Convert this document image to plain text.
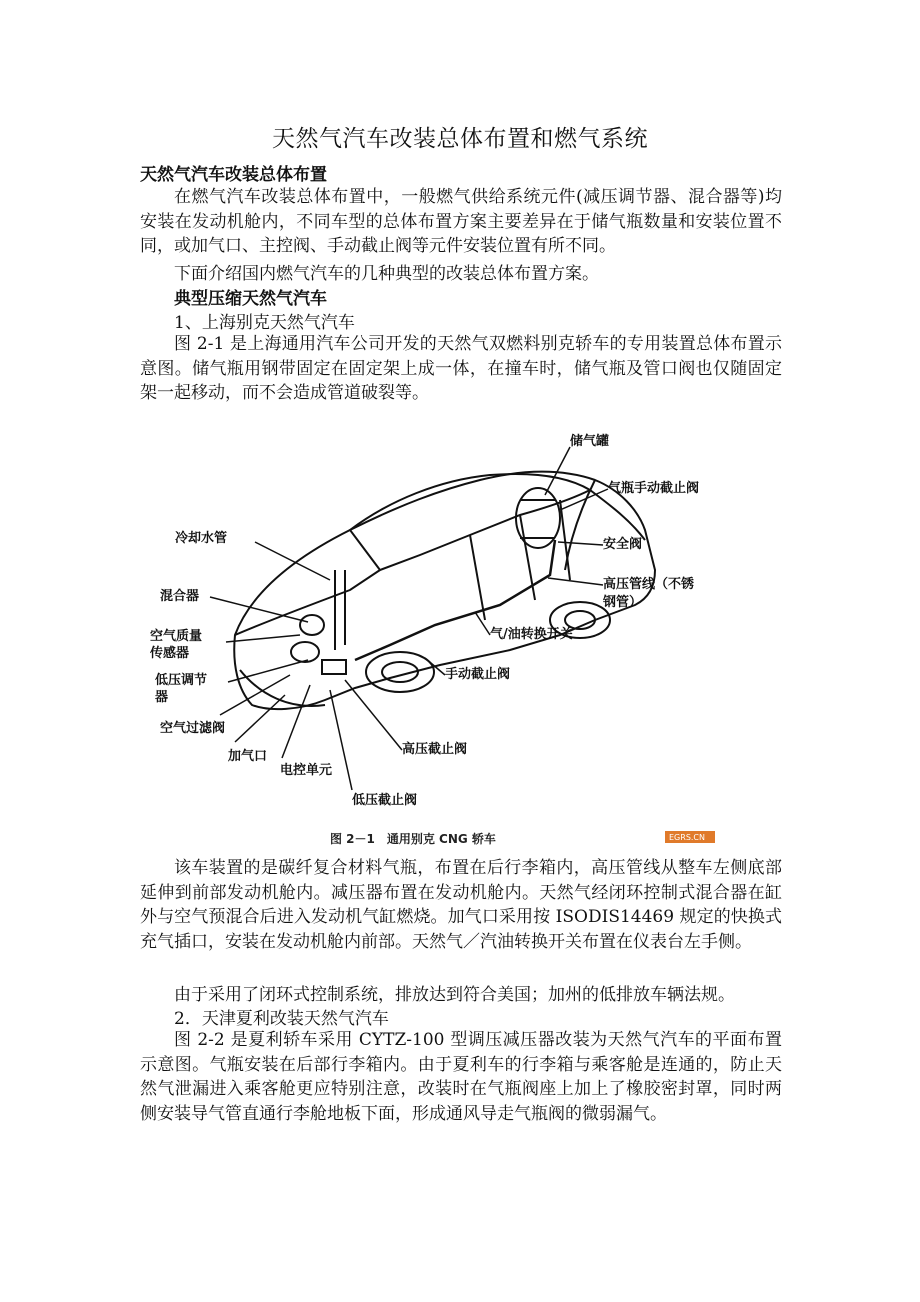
天然气汽车改装总体布置和燃气系统
天然气汽车改装总体布置

在燃气汽车改装总体布置中，一般燃气供给系统元件(减压调节器、混合器等)均安装在发动机舱内，不同车型的总体布置方案主要差异在于储气瓶数量和安装位置不同，或加气口、主控阀、手动截止阀等元件安装位置有所不同。

下面介绍国内燃气汽车的几种典型的改装总体布置方案。
典型压缩天然气汽车
1、上海别克天然气汽车

图 2-1 是上海通用汽车公司开发的天然气双燃料别克轿车的专用装置总体布置示意图。储气瓶用钢带固定在固定架上成一体，在撞车时，储气瓶及管口阀也仅随固定架一起移动，而不会造成管道破裂等。

储气罐
气瓶手动截止阀
安全阀
高压管线（不锈
钢管）
气/油转换开关
手动截止阀
高压截止阀
低压截止阀
电控单元
加气口
空气过滤阀
低压调节
器
空气质量
传感器
混合器
冷却水管
图 2－1　通用别克 CNG 轿车	EGRS.CN

该车装置的是碳纤复合材料气瓶，布置在后行李箱内，高压管线从整车左侧底部延伸到前部发动机舱内。减压器布置在发动机舱内。天然气经闭环控制式混合器在缸外与空气预混合后进入发动机气缸燃烧。加气口采用按 ISODIS14469 规定的快换式充气插口，安装在发动机舱内前部。天然气／汽油转换开关布置在仪表台左手侧。

由于采用了闭环式控制系统，排放达到符合美国；加州的低排放车辆法规。
2．天津夏利改装天然气汽车

图 2-2 是夏利轿车采用 CYTZ-100 型调压减压器改装为天然气汽车的平面布置示意图。气瓶安装在后部行李箱内。由于夏利车的行李箱与乘客舱是连通的，防止天然气泄漏进入乘客舱更应特别注意，改装时在气瓶阀座上加上了橡胶密封罩，同时两侧安装导气管直通行李舱地板下面，形成通风导走气瓶阀的微弱漏气。
